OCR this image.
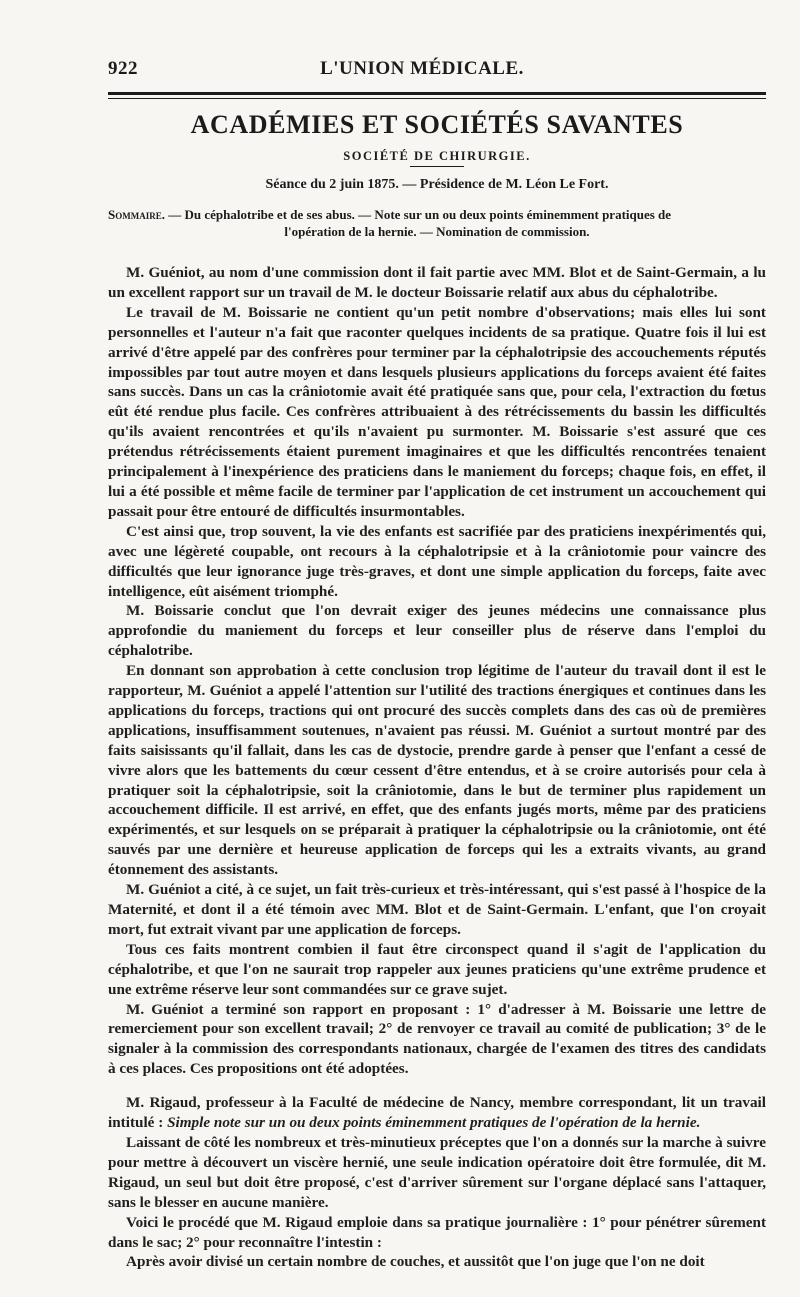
922	L'UNION MÉDICALE.
ACADÉMIES ET SOCIÉTÉS SAVANTES
SOCIÉTÉ DE CHIRURGIE.
Séance du 2 juin 1875. — Présidence de M. Léon Le Fort.
Sommaire. — Du céphalotribe et de ses abus. — Note sur un ou deux points éminemment pratiques de
l'opération de la hernie. — Nomination de commission.

M. Guéniot, au nom d'une commission dont il fait partie avec MM. Blot et de Saint-Germain, a lu un excellent rapport sur un travail de M. le docteur Boissarie relatif aux abus du céphalotribe.

Le travail de M. Boissarie ne contient qu'un petit nombre d'observations; mais elles lui sont personnelles et l'auteur n'a fait que raconter quelques incidents de sa pratique. Quatre fois il lui est arrivé d'être appelé par des confrères pour terminer par la céphalotripsie des accouchements réputés impossibles par tout autre moyen et dans lesquels plusieurs applications du forceps avaient été faites sans succès. Dans un cas la crâniotomie avait été pratiquée sans que, pour cela, l'extraction du fœtus eût été rendue plus facile. Ces confrères attribuaient à des rétrécissements du bassin les difficultés qu'ils avaient rencontrées et qu'ils n'avaient pu surmonter. M. Boissarie s'est assuré que ces prétendus rétrécissements étaient purement imaginaires et que les difficultés rencontrées tenaient principalement à l'inexpérience des praticiens dans le maniement du forceps; chaque fois, en effet, il lui a été possible et même facile de terminer par l'application de cet instrument un accouchement qui passait pour être entouré de difficultés insurmontables.

C'est ainsi que, trop souvent, la vie des enfants est sacrifiée par des praticiens inexpérimentés qui, avec une légèreté coupable, ont recours à la céphalotripsie et à la crâniotomie pour vaincre des difficultés que leur ignorance juge très-graves, et dont une simple application du forceps, faite avec intelligence, eût aisément triomphé.

M. Boissarie conclut que l'on devrait exiger des jeunes médecins une connaissance plus approfondie du maniement du forceps et leur conseiller plus de réserve dans l'emploi du céphalotribe.

En donnant son approbation à cette conclusion trop légitime de l'auteur du travail dont il est le rapporteur, M. Guéniot a appelé l'attention sur l'utilité des tractions énergiques et continues dans les applications du forceps, tractions qui ont procuré des succès complets dans des cas où de premières applications, insuffisamment soutenues, n'avaient pas réussi. M. Guéniot a surtout montré par des faits saisissants qu'il fallait, dans les cas de dystocie, prendre garde à penser que l'enfant a cessé de vivre alors que les battements du cœur cessent d'être entendus, et à se croire autorisés pour cela à pratiquer soit la céphalotripsie, soit la crâniotomie, dans le but de terminer plus rapidement un accouchement difficile. Il est arrivé, en effet, que des enfants jugés morts, même par des praticiens expérimentés, et sur lesquels on se préparait à pratiquer la céphalotripsie ou la crâniotomie, ont été sauvés par une dernière et heureuse application de forceps qui les a extraits vivants, au grand étonnement des assistants.

M. Guéniot a cité, à ce sujet, un fait très-curieux et très-intéressant, qui s'est passé à l'hospice de la Maternité, et dont il a été témoin avec MM. Blot et de Saint-Germain. L'enfant, que l'on croyait mort, fut extrait vivant par une application de forceps.

Tous ces faits montrent combien il faut être circonspect quand il s'agit de l'application du céphalotribe, et que l'on ne saurait trop rappeler aux jeunes praticiens qu'une extrême prudence et une extrême réserve leur sont commandées sur ce grave sujet.

M. Guéniot a terminé son rapport en proposant : 1° d'adresser à M. Boissarie une lettre de remerciement pour son excellent travail; 2° de renvoyer ce travail au comité de publication; 3° de le signaler à la commission des correspondants nationaux, chargée de l'examen des titres des candidats à ces places. Ces propositions ont été adoptées.

M. Rigaud, professeur à la Faculté de médecine de Nancy, membre correspondant, lit un travail intitulé : Simple note sur un ou deux points éminemment pratiques de l'opération de la hernie.

Laissant de côté les nombreux et très-minutieux préceptes que l'on a donnés sur la marche à suivre pour mettre à découvert un viscère hernié, une seule indication opératoire doit être formulée, dit M. Rigaud, un seul but doit être proposé, c'est d'arriver sûrement sur l'organe déplacé sans l'attaquer, sans le blesser en aucune manière.

Voici le procédé que M. Rigaud emploie dans sa pratique journalière : 1° pour pénétrer sûrement dans le sac; 2° pour reconnaître l'intestin :

Après avoir divisé un certain nombre de couches, et aussitôt que l'on juge que l'on ne doit
